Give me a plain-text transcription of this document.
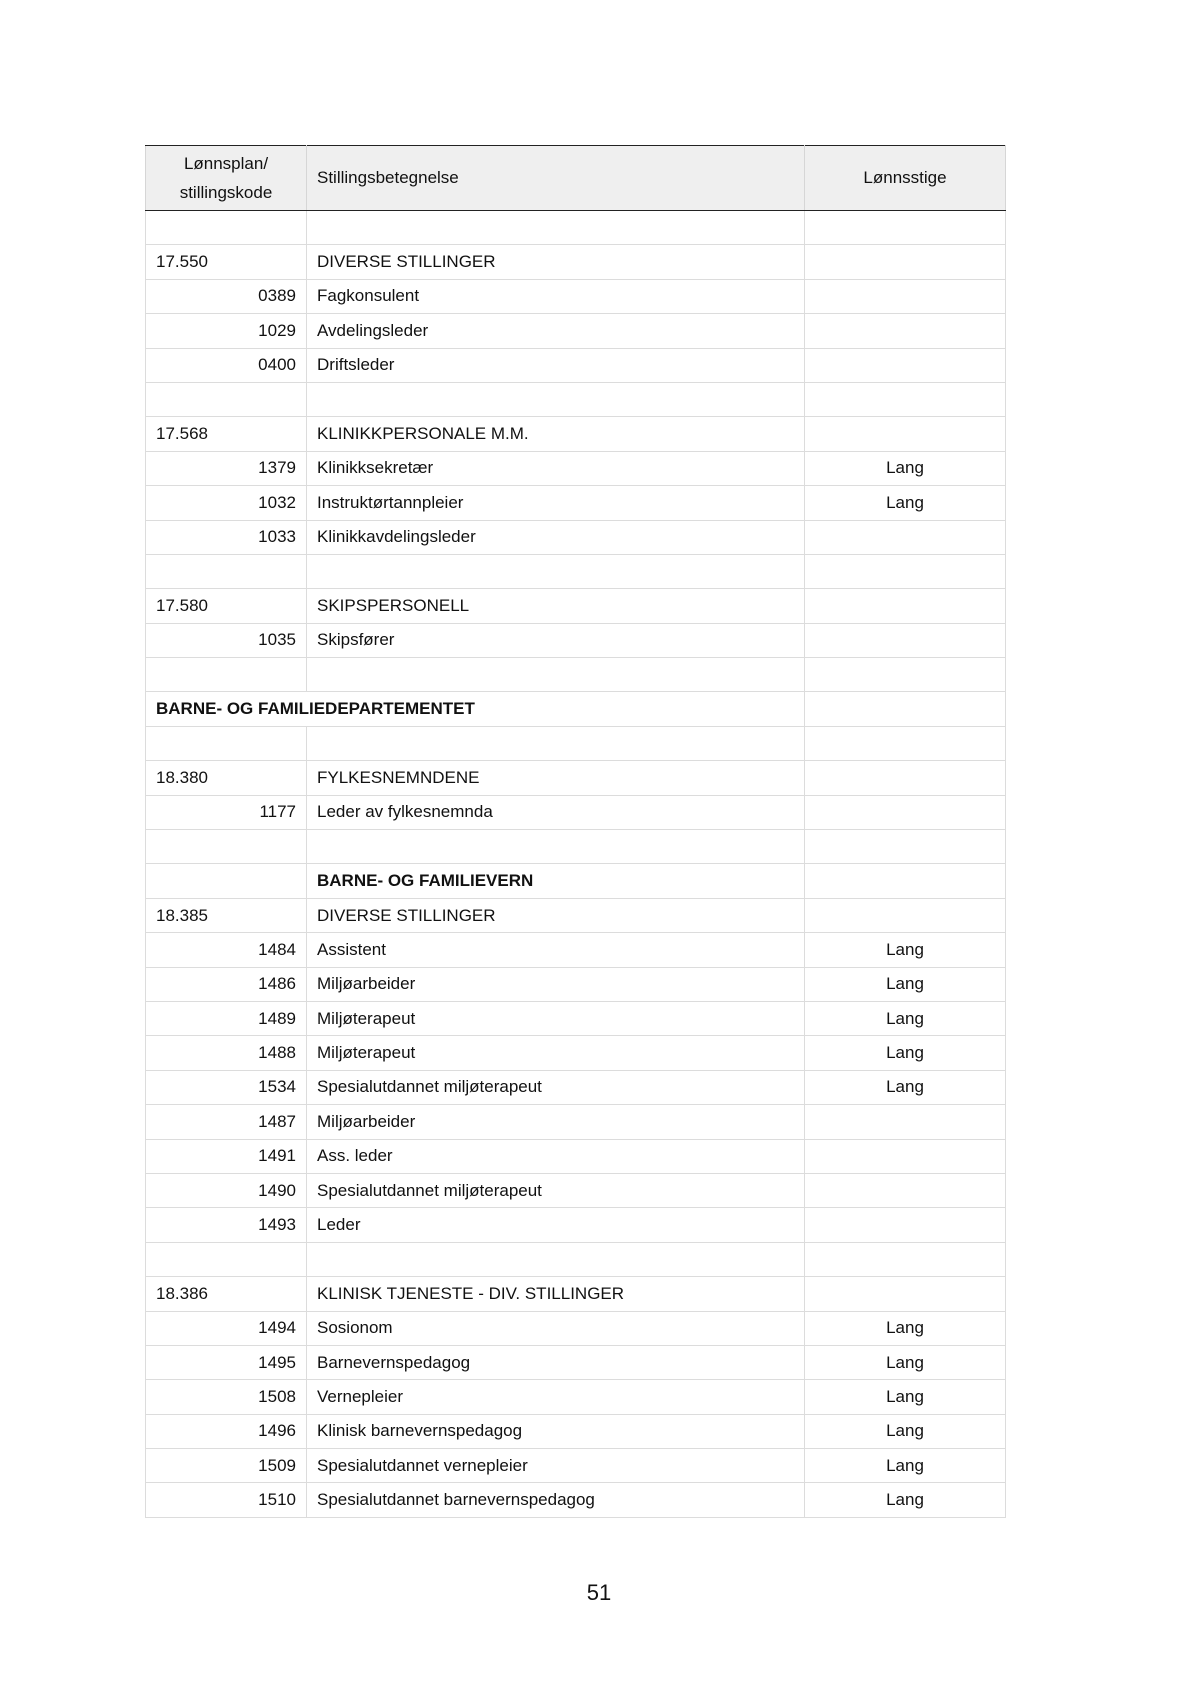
Lønnsplan/
stillingskode	Stillingsbetegnelse	Lønnsstige

17.550	DIVERSE STILLINGER	
0389	Fagkonsulent	
1029	Avdelingsleder	
0400	Driftsleder	

17.568	KLINIKKPERSONALE M.M.	
1379	Klinikksekretær	Lang
1032	Instruktørtannpleier	Lang
1033	Klinikkavdelingsleder	

17.580	SKIPSPERSONELL	
1035	Skipsfører	

BARNE- OG FAMILIEDEPARTEMENTET		

18.380	FYLKESNEMNDENE	
1177	Leder av fylkesnemnda	

	BARNE- OG FAMILIEVERN	
18.385	DIVERSE STILLINGER	
1484	Assistent	Lang
1486	Miljøarbeider	Lang
1489	Miljøterapeut	Lang
1488	Miljøterapeut	Lang
1534	Spesialutdannet miljøterapeut	Lang
1487	Miljøarbeider	
1491	Ass. leder	
1490	Spesialutdannet miljøterapeut	
1493	Leder	

18.386	KLINISK TJENESTE - DIV. STILLINGER	
1494	Sosionom	Lang
1495	Barnevernspedagog	Lang
1508	Vernepleier	Lang
1496	Klinisk barnevernspedagog	Lang
1509	Spesialutdannet vernepleier	Lang
1510	Spesialutdannet barnevernspedagog	Lang
51
